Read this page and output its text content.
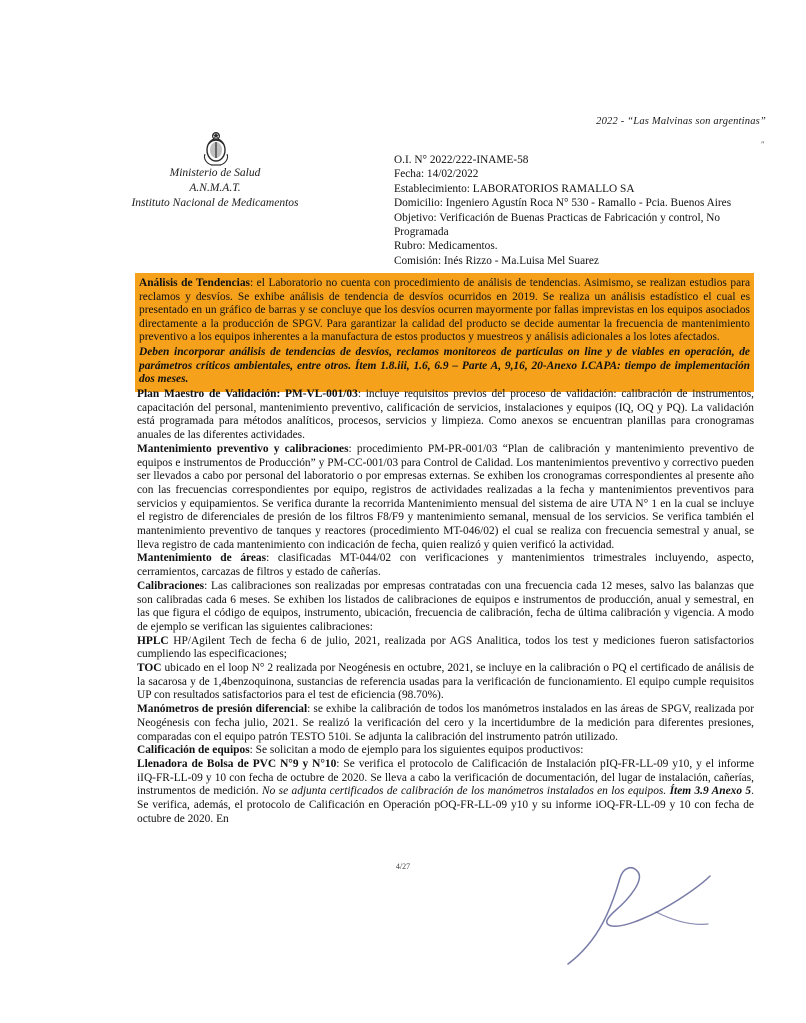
2022 - “Las Malvinas son argentinas”
ʺ
Ministerio de Salud
A.N.M.A.T.
Instituto Nacional de Medicamentos
O.I. N° 2022/222-INAME-58
Fecha: 14/02/2022
Establecimiento: LABORATORIOS RAMALLO SA
Domicilio: Ingeniero Agustín Roca N° 530 - Ramallo - Pcia. Buenos Aires
Objetivo: Verificación de Buenas Practicas de Fabricación y control, No Programada
Rubro: Medicamentos.
Comisión: Inés Rizzo - Ma.Luisa Mel Suarez

Análisis de Tendencias: el Laboratorio no cuenta con procedimiento de análisis de tendencias. Asimismo, se realizan estudios para reclamos y desvíos. Se exhibe análisis de tendencia de desvíos ocurridos en 2019. Se realiza un análisis estadístico el cual es presentado en un gráfico de barras y se concluye que los desvíos ocurren mayormente por fallas imprevistas en los equipos asociados directamente a la producción de SPGV. Para garantizar la calidad del producto se decide aumentar la frecuencia de mantenimiento preventivo a los equipos inherentes a la manufactura de estos productos y muestreos y análisis adicionales a los lotes afectados.

Deben incorporar análisis de tendencias de desvíos, reclamos monitoreos de partículas on line y de viables en operación, de parámetros críticos ambientales, entre otros. Ítem 1.8.iii, 1.6, 6.9 – Parte A, 9,16, 20-Anexo I.CAPA: tiempo de implementación dos meses.

Plan Maestro de Validación: PM-VL-001/03: incluye requisitos previos del proceso de validación: calibración de instrumentos, capacitación del personal, mantenimiento preventivo, calificación de servicios, instalaciones y equipos (IQ, OQ y PQ). La validación está programada para métodos analíticos, procesos, servicios y limpieza. Como anexos se encuentran planillas para cronogramas anuales de las diferentes actividades.

Mantenimiento preventivo y calibraciones: procedimiento PM-PR-001/03 “Plan de calibración y mantenimiento preventivo de equipos e instrumentos de Producción” y PM-CC-001/03 para Control de Calidad. Los mantenimientos preventivo y correctivo pueden ser llevados a cabo por personal del laboratorio o por empresas externas. Se exhiben los cronogramas correspondientes al presente año con las frecuencias correspondientes por equipo, registros de actividades realizadas a la fecha y mantenimientos preventivos para servicios y equipamientos. Se verifica durante la recorrida Mantenimiento mensual del sistema de aire UTA N° 1 en la cual se incluye el registro de diferenciales de presión de los filtros F8/F9 y mantenimiento semanal, mensual de los servicios. Se verifica también el mantenimiento preventivo de tanques y reactores (procedimiento MT-046/02) el cual se realiza con frecuencia semestral y anual, se lleva registro de cada mantenimiento con indicación de fecha, quien realizó y quien verificó la actividad.

Mantenimiento de áreas: clasificadas MT-044/02 con verificaciones y mantenimientos trimestrales incluyendo, aspecto, cerramientos, carcazas de filtros y estado de cañerías.

Calibraciones: Las calibraciones son realizadas por empresas contratadas con una frecuencia cada 12 meses, salvo las balanzas que son calibradas cada 6 meses. Se exhiben los listados de calibraciones de equipos e instrumentos de producción, anual y semestral, en las que figura el código de equipos, instrumento, ubicación, frecuencia de calibración, fecha de última calibración y vigencia. A modo de ejemplo se verifican las siguientes calibraciones:

HPLC HP/Agilent Tech de fecha 6 de julio, 2021, realizada por AGS Analitica, todos los test y mediciones fueron satisfactorios cumpliendo las especificaciones;

TOC ubicado en el loop N° 2 realizada por Neogénesis en octubre, 2021, se incluye en la calibración o PQ el certificado de análisis de la sacarosa y de 1,4benzoquinona, sustancias de referencia usadas para la verificación de funcionamiento. El equipo cumple requisitos UP con resultados satisfactorios para el test de eficiencia (98.70%).

Manómetros de presión diferencial: se exhibe la calibración de todos los manómetros instalados en las áreas de SPGV, realizada por Neogénesis con fecha julio, 2021. Se realizó la verificación del cero y la incertidumbre de la medición para diferentes presiones, comparadas con el equipo patrón TESTO 510i. Se adjunta la calibración del instrumento patrón utilizado.

Calificación de equipos: Se solicitan a modo de ejemplo para los siguientes equipos productivos:

Llenadora de Bolsa de PVC N°9 y N°10: Se verifica el protocolo de Calificación de Instalación pIQ-FR-LL-09 y10, y el informe iIQ-FR-LL-09 y 10 con fecha de octubre de 2020. Se lleva a cabo la verificación de documentación, del lugar de instalación, cañerías, instrumentos de medición. No se adjunta certificados de calibración de los manómetros instalados en los equipos. Ítem 3.9 Anexo 5. Se verifica, además, el protocolo de Calificación en Operación pOQ-FR-LL-09 y10 y su informe iOQ-FR-LL-09 y 10 con fecha de octubre de 2020. En

4/27
